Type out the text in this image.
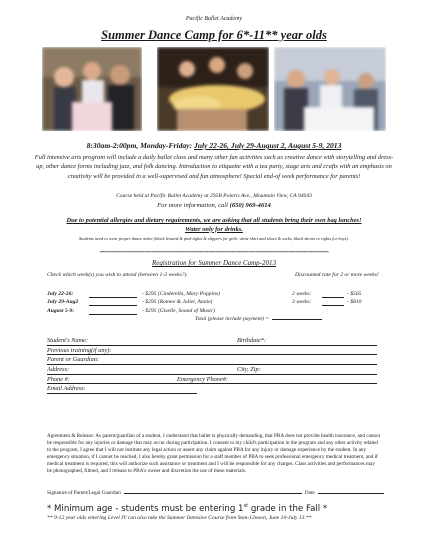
Pacific Ballet Academy
Summer Dance Camp for 6*-11** year olds
8:30am-2:00pm, Monday-Friday: July 22-26, July 29-August 2, August 5-9, 2013
Full intensive arts program will include a daily ballet class and many other fun activities such as creative dance with storytelling and dress-up, other dance forms including jazz, and folk dancing. Introduction to etiquette with a tea party, stage arts and crafts with an emphasis on creativity will be provided in a well-supervised and fun atmosphere! Special end-of week performance for parents!
Course held at Pacific Ballet Academy at 295B Polaris Ave., Mountain View, CA 94043
For more information, call (650) 969-4614
Due to potential allergies and dietary requirements, we are asking that all students bring their own bag lunches! Water only for drinks.
Students need to wear proper dance attire (black leotard & pink tights & slippers for girls, white shirt and shoes & socks, black shorts or tights for boys).
-------------------------------------------------------------------------------------------------
Registration for Summer Dance Camp-2013
Check which week(s) you wish to attend (between 1-3 weeks?).	Discounted rate for 2 or more weeks!
July 22-26:	- $295 (Cinderella, Mary Poppins)	2 weeks:	- $565
July 29-Aug2	- $295 (Romeo & Juliet, Annie)	3 weeks:	- $810
August 5-9:	- $295 (Giselle, Sound of Music)
Total (please include payment) =
Student's Name:	Birthdate*:
Previous training(if any):
Parent or Guardian:
Address:	City, Zip:
Phone #:	Emergency Phone#:
Email Address:
Agreement & Release: As parent/guardian of a student, I understand that ballet is physically demanding, that PBA does not provide health insurance, and cannot be responsible for any injuries or damage that may occur during participation. I consent to my child's participation in the program and any other activity related to the program, I agree that I will not institute any legal action or assert any claim against PBA for any injury or damage experience by the student. In any emergency situation, if I cannot be reached, I also hereby grant permission for a staff member of PBA to seek professional emergency medical treatment, and if medical treatment is required, this will authorize such assistance or treatment and I will be responsible for any charges. Class activities and performances may be photographed, filmed, and I release to PBA's owner and discretion the use of these materials.
Signature of Parent/Legal Guardian	Date
* Minimum age - students must be entering 1st grade in the Fall *
** 9-12 year olds entering Level IV can also take the Summer Intensive Course from 9am-12noon, June 10-July 13.**
